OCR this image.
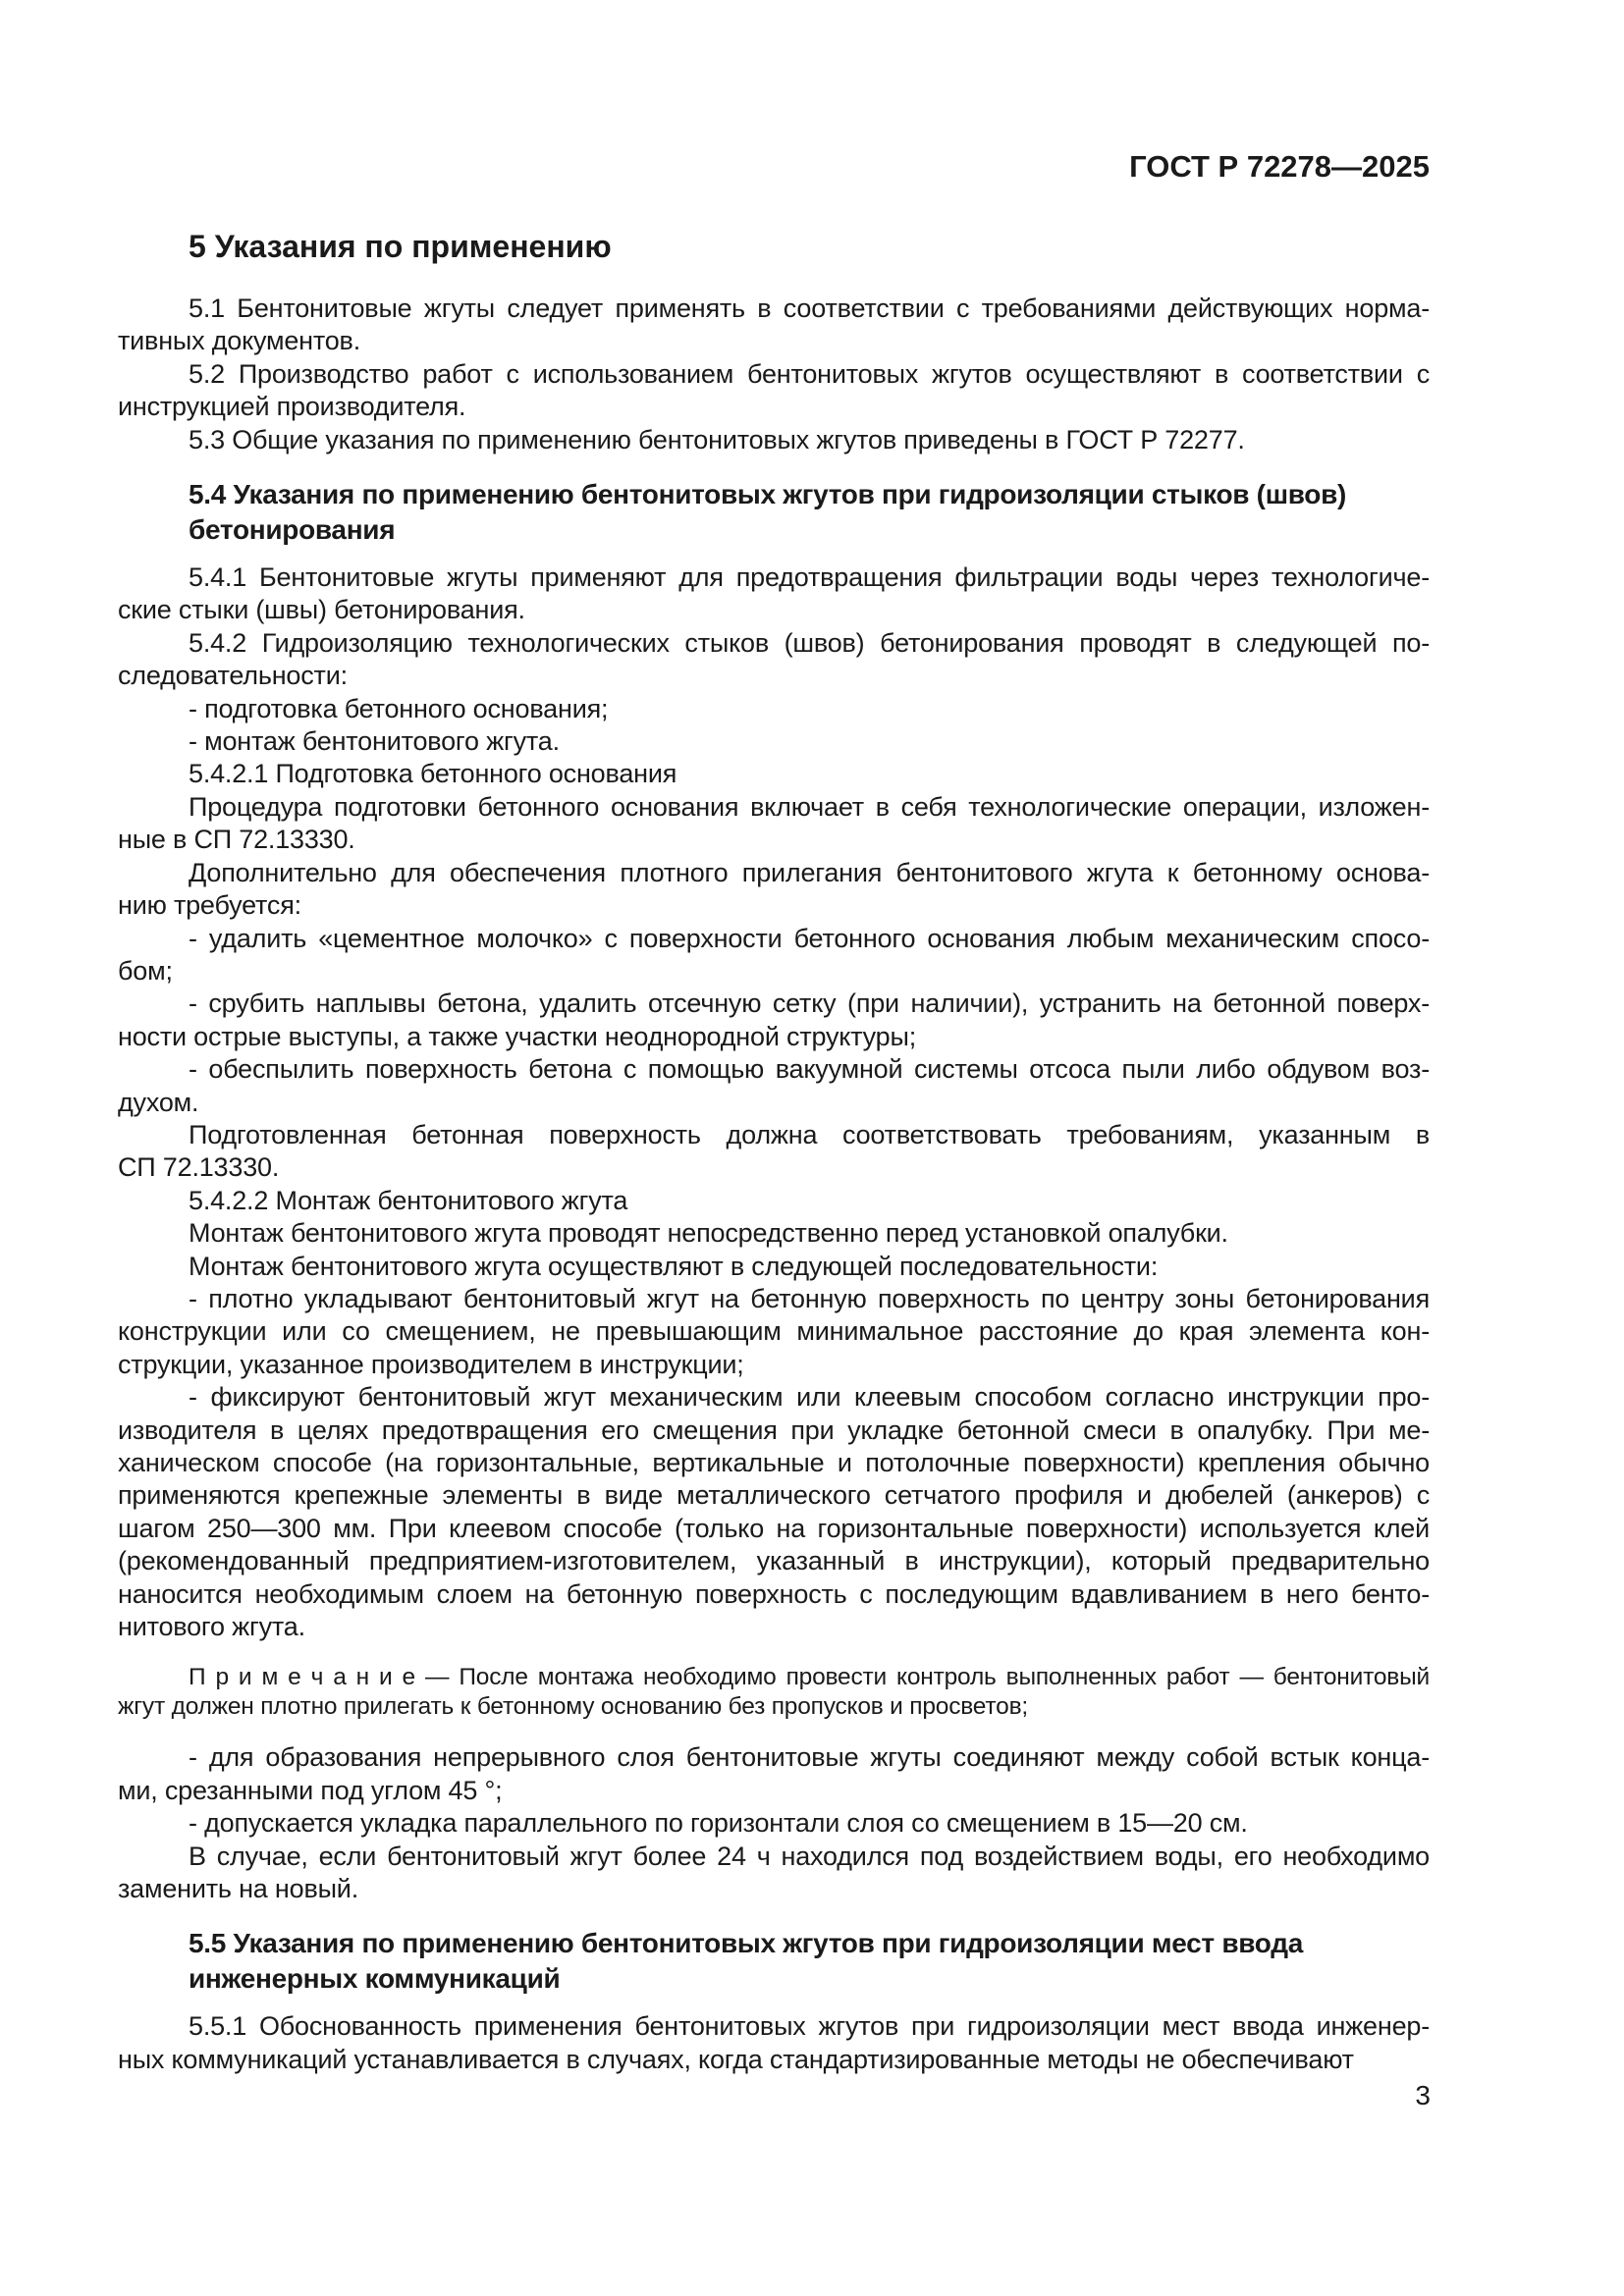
ГОСТ Р 72278—2025
5 Указания по применению
5.1 Бентонитовые жгуты следует применять в соответствии с требованиями действующих норма-
тивных документов.
5.2 Производство работ с использованием бентонитовых жгутов осуществляют в соответствии с
инструкцией производителя.
5.3 Общие указания по применению бентонитовых жгутов приведены в ГОСТ Р 72277.
5.4 Указания по применению бентонитовых жгутов при гидроизоляции стыков (швов)
бетонирования
5.4.1 Бентонитовые жгуты применяют для предотвращения фильтрации воды через технологиче-
ские стыки (швы) бетонирования.
5.4.2 Гидроизоляцию технологических стыков (швов) бетонирования проводят в следующей по-
следовательности:
- подготовка бетонного основания;
- монтаж бентонитового жгута.
5.4.2.1 Подготовка бетонного основания
Процедура подготовки бетонного основания включает в себя технологические операции, изложен-
ные в СП 72.13330.
Дополнительно для обеспечения плотного прилегания бентонитового жгута к бетонному основа-
нию требуется:
- удалить «цементное молочко» с поверхности бетонного основания любым механическим спосо-
бом;
- срубить наплывы бетона, удалить отсечную сетку (при наличии), устранить на бетонной поверх-
ности острые выступы, а также участки неоднородной структуры;
- обеспылить поверхность бетона с помощью вакуумной системы отсоса пыли либо обдувом воз-
духом.
Подготовленная бетонная поверхность должна соответствовать требованиям, указанным в
СП 72.13330.
5.4.2.2 Монтаж бентонитового жгута
Монтаж бентонитового жгута проводят непосредственно перед установкой опалубки.
Монтаж бентонитового жгута осуществляют в следующей последовательности:
- плотно укладывают бентонитовый жгут на бетонную поверхность по центру зоны бетонирования
конструкции или со смещением, не превышающим минимальное расстояние до края элемента кон-
струкции, указанное производителем в инструкции;
- фиксируют бентонитовый жгут механическим или клеевым способом согласно инструкции про-
изводителя в целях предотвращения его смещения при укладке бетонной смеси в опалубку. При ме-
ханическом способе (на горизонтальные, вертикальные и потолочные поверхности) крепления обычно
применяются крепежные элементы в виде металлического сетчатого профиля и дюбелей (анкеров) с
шагом 250—300 мм. При клеевом способе (только на горизонтальные поверхности) используется клей
(рекомендованный предприятием-изготовителем, указанный в инструкции), который предварительно
наносится необходимым слоем на бетонную поверхность с последующим вдавливанием в него бенто-
нитового жгута.
П р и м е ч а н и е — После монтажа необходимо провести контроль выполненных работ — бентонитовый
жгут должен плотно прилегать к бетонному основанию без пропусков и просветов;
- для образования непрерывного слоя бентонитовые жгуты соединяют между собой встык конца-
ми, срезанными под углом 45 °;
- допускается укладка параллельного по горизонтали слоя со смещением в 15—20 см.
В случае, если бентонитовый жгут более 24 ч находился под воздействием воды, его необходимо
заменить на новый.
5.5 Указания по применению бентонитовых жгутов при гидроизоляции мест ввода
инженерных коммуникаций
5.5.1 Обоснованность применения бентонитовых жгутов при гидроизоляции мест ввода инженер-
ных коммуникаций устанавливается в случаях, когда стандартизированные методы не обеспечивают
3
